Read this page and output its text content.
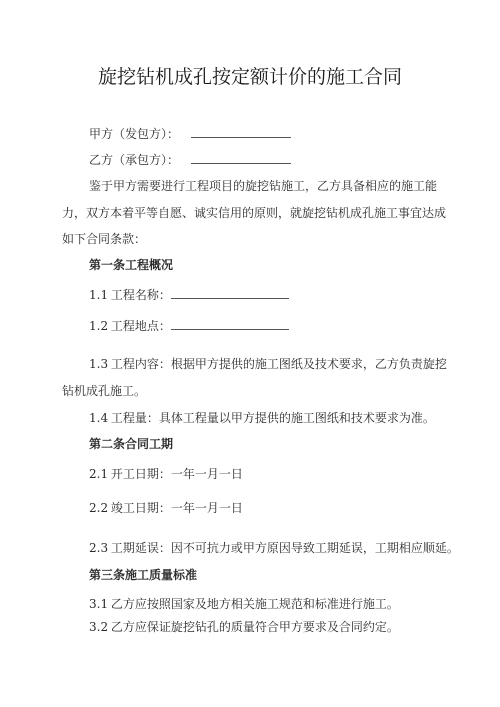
旋挖钻机成孔按定额计价的施工合同
甲方（发包方）：
乙方（承包方）：
鉴于甲方需要进行工程项目的旋挖钻施工，乙方具备相应的施工能
力，双方本着平等自愿、诚实信用的原则，就旋挖钻机成孔施工事宜达成
如下合同条款：
第一条工程概况
1.1 工程名称：
1.2 工程地点：
1.3 工程内容：根据甲方提供的施工图纸及技术要求，乙方负责旋挖
钻机成孔施工。
1.4 工程量：具体工程量以甲方提供的施工图纸和技术要求为准。
第二条合同工期
2.1 开工日期：一年一月一日
2.2 竣工日期：一年一月一日
2.3 工期延误：因不可抗力或甲方原因导致工期延误，工期相应顺延。
第三条施工质量标准
3.1 乙方应按照国家及地方相关施工规范和标准进行施工。
3.2 乙方应保证旋挖钻孔的质量符合甲方要求及合同约定。
